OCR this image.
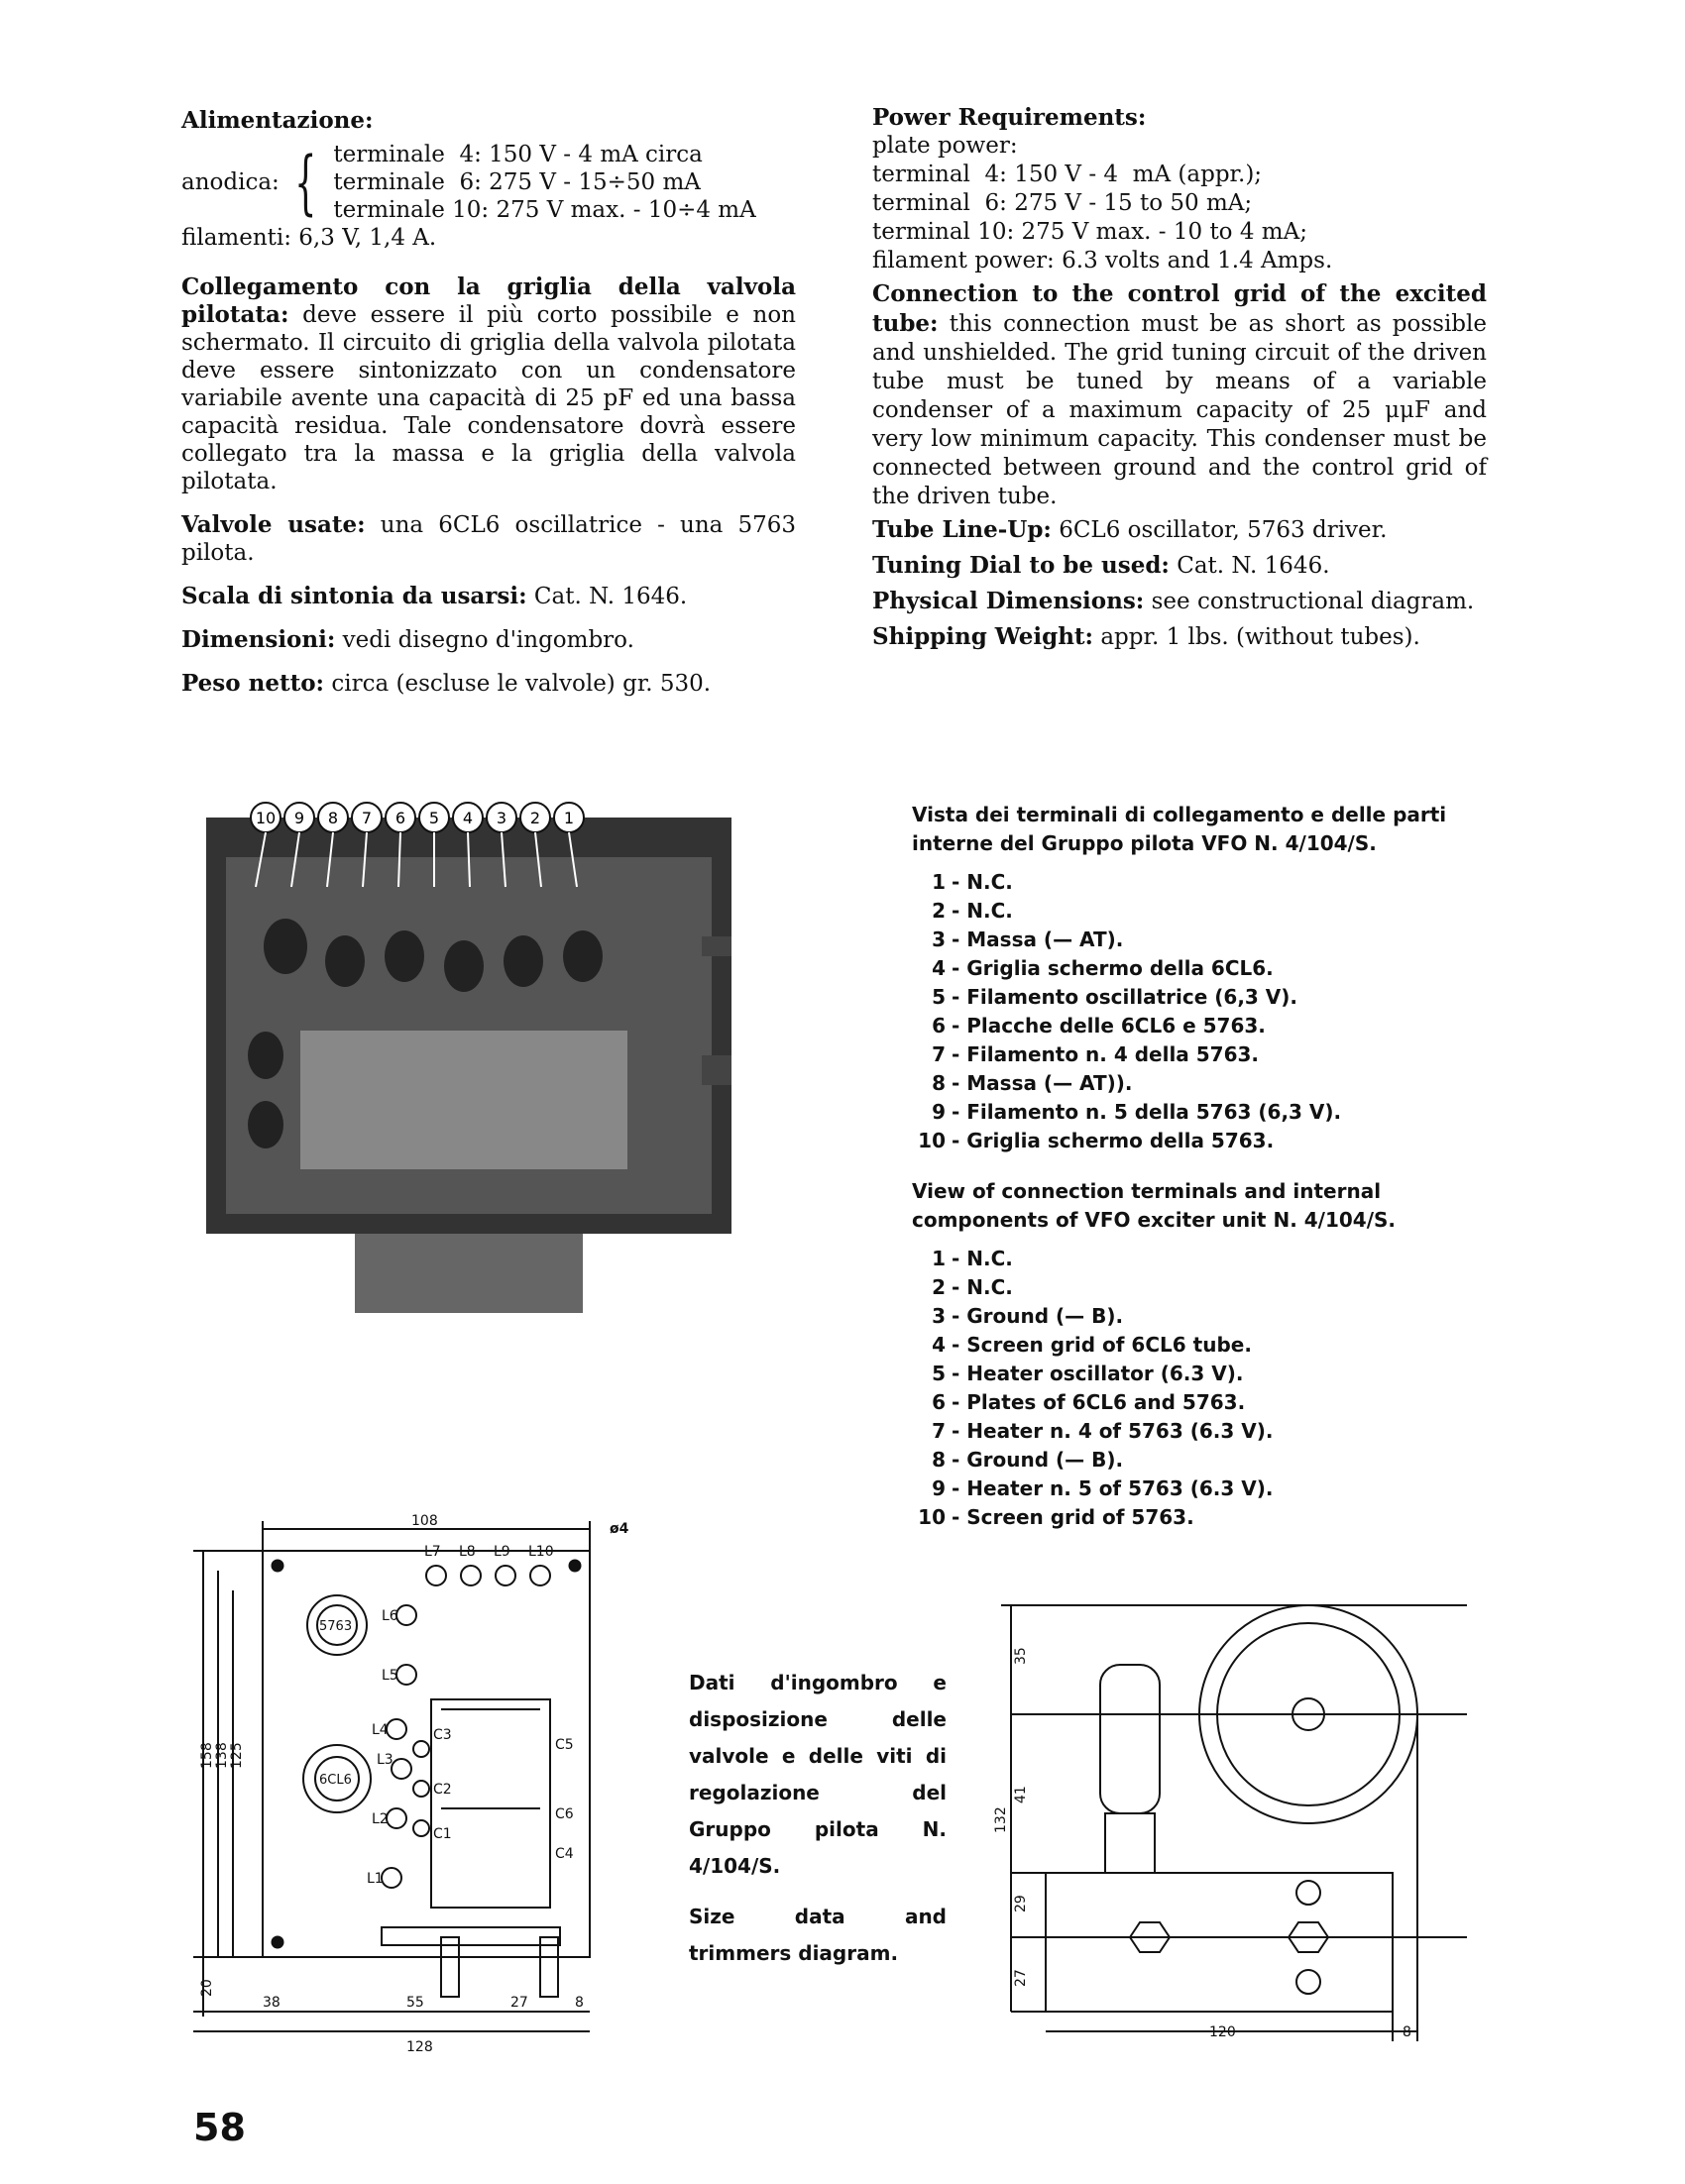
Alimentazione:

anodica: { terminale  4: 150 V - 4 mA circa
terminale  6: 275 V - 15÷50 mA
terminale 10: 275 V max. - 10÷4 mA

filamenti: 6,3 V, 1,4 A.

Collegamento con la griglia della valvola pilotata: deve essere il più corto possibile e non schermato. Il circuito di griglia della valvola pilotata deve essere sintonizzato con un condensatore variabile avente una capacità di 25 pF ed una bassa capacità residua. Tale condensatore dovrà essere collegato tra la massa e la griglia della valvola pilotata.

Valvole usate: una 6CL6 oscillatrice - una 5763 pilota.

Scala di sintonia da usarsi: Cat. N. 1646.

Dimensioni: vedi disegno d'ingombro.

Peso netto: circa (escluse le valvole) gr. 530.

Power Requirements:

plate power:

terminal  4: 150 V - 4  mA (appr.);

terminal  6: 275 V - 15 to 50 mA;

terminal 10: 275 V max. - 10 to 4 mA;

filament power: 6.3 volts and 1.4 Amps.

Connection to the control grid of the excited tube: this connection must be as short as possible and unshielded. The grid tuning circuit of the driven tube must be tuned by means of a variable condenser of a maximum capacity of 25 μμF and very low minimum capacity. This condenser must be connected between ground and the control grid of the driven tube.

Tube Line-Up: 6CL6 oscillator, 5763 driver.

Tuning Dial to be used: Cat. N. 1646.

Physical Dimensions: see constructional diagram.

Shipping Weight: appr. 1 lbs. (without tubes).

10 9 8 7 6 5 4 3 2 1	Vista dei terminali di collegamento e delle parti interne del Gruppo pilota VFO N. 4/104/S.

1 - N.C.
2 - N.C.
3 - Massa (— AT).
4 - Griglia schermo della 6CL6.
5 - Filamento oscillatrice (6,3 V).
6 - Placche delle 6CL6 e 5763.
7 - Filamento n. 4 della 5763.
8 - Massa (— AT)).
9 - Filamento n. 5 della 5763 (6,3 V).
10 - Griglia schermo della 5763.

View of connection terminals and internal components of VFO exciter unit N. 4/104/S.

1 - N.C.
2 - N.C.
3 - Ground (— B).
4 - Screen grid of 6CL6 tube.
5 - Heater oscillator (6.3 V).
6 - Plates of 6CL6 and 5763.
7 - Heater n. 4 of 5763 (6.3 V).
8 - Ground (— B).
9 - Heater n. 5 of 5763 (6.3 V).
10 - Screen grid of 5763.
108	ø4
158 138 125
20
38	55	27	8
128
5763
6CL6
L7 L8 L9 L10
L6
L5
L4
L3
L2
L1
C3
C2
C1
C5
C6
C4

Dati d'ingombro e disposizione delle valvole e delle viti di regolazione del Gruppo pilota N. 4/104/S.

Size data and trimmers diagram.

35
41
29
27
132
120	8
58
